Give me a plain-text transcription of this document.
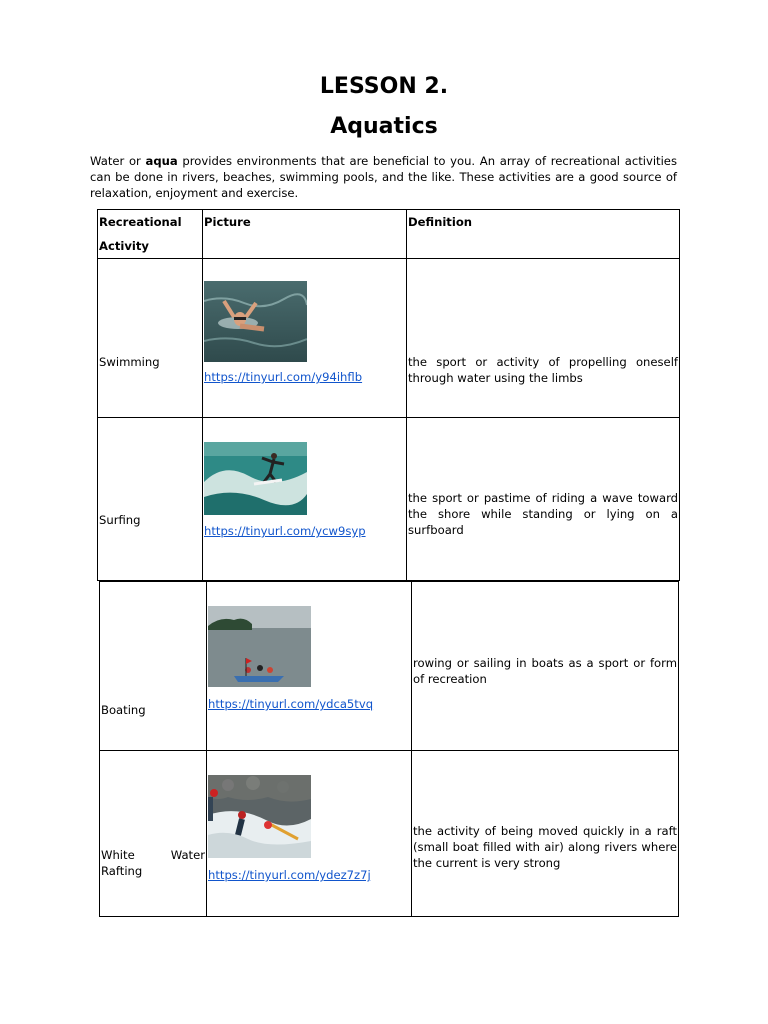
LESSON 2.
Aquatics
Water or aqua provides environments that are beneficial to you. An array of recreational activities can be done in rivers, beaches, swimming pools, and the like. These activities are a good source of relaxation, enjoyment and exercise.
Recreational Activity	Picture	Definition

Swimming	https://tinyurl.com/y94ihflb	the sport or activity of propelling oneself through water using the limbs

Surfing	https://tinyurl.com/ycw9syp	the sport or pastime of riding a wave toward the shore while standing or lying on a surfboard
Boating	https://tinyurl.com/ydca5tvq	rowing or sailing in boats as a sport or form of recreation

White Water Rafting	https://tinyurl.com/ydez7z7j	the activity of being moved quickly in a raft (small boat filled with air) along rivers where the current is very strong
